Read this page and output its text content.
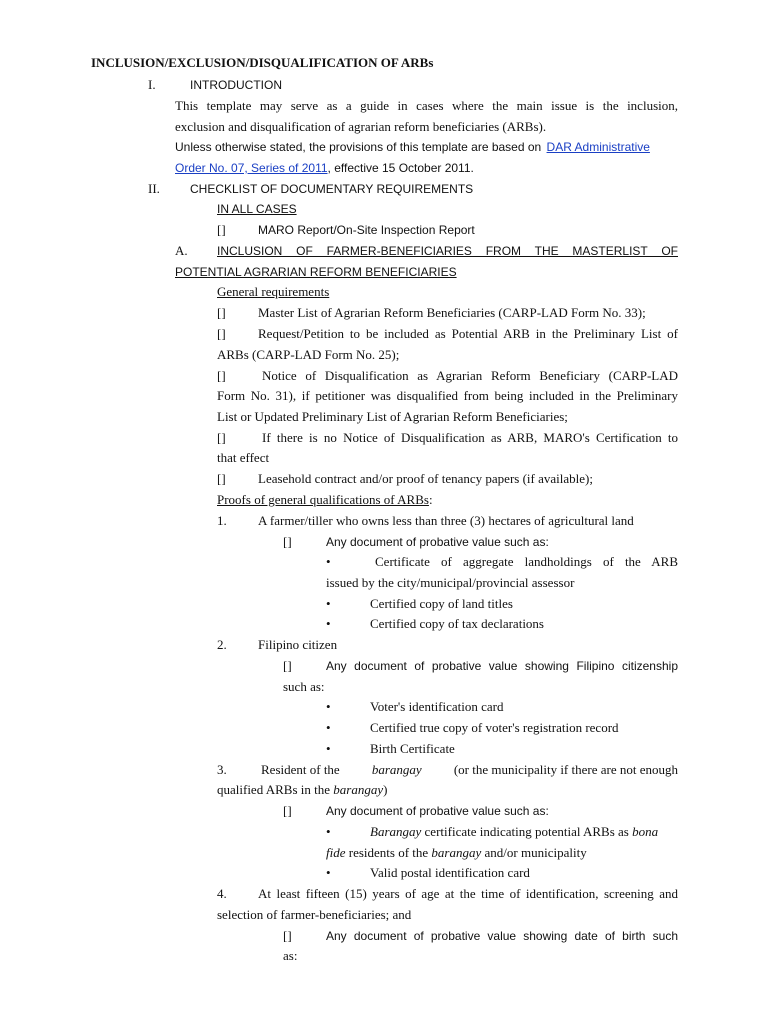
INCLUSION/EXCLUSION/DISQUALIFICATION OF ARBs
I.	INTRODUCTION
This template may serve as a guide in cases where the main issue is the inclusion,
exclusion and disqualification of agrarian reform beneficiaries (ARBs).
Unless otherwise stated, the provisions of this template are based on DAR Administrative
Order No. 07, Series of 2011, effective 15 October 2011.
II.	CHECKLIST OF DOCUMENTARY REQUIREMENTS
IN ALL CASES
[]	MARO Report/On-Site Inspection Report
A. INCLUSION OF FARMER-BENEFICIARIES FROM THE MASTERLIST OF
POTENTIAL AGRARIAN REFORM BENEFICIARIES
General requirements
[] Master List of Agrarian Reform Beneficiaries (CARP-LAD Form No. 33);
[] Request/Petition to be included as Potential ARB in the Preliminary List of
ARBs (CARP-LAD Form No. 25);
[]	Notice of Disqualification as Agrarian Reform Beneficiary (CARP-LAD
Form No. 31), if petitioner was disqualified from being included in the Preliminary
List or Updated Preliminary List of Agrarian Reform Beneficiaries;
[]	If there is no Notice of Disqualification as ARB, MARO's Certification to
that effect
[] Leasehold contract and/or proof of tenancy papers (if available);
Proofs of general qualifications of ARBs:
1. A farmer/tiller who owns less than three (3) hectares of agricultural land
[]	Any document of probative value such as:
•	Certificate of aggregate landholdings of the ARB
issued by the city/municipal/provincial assessor
•	Certified copy of land titles
•	Certified copy of tax declarations
2. Filipino citizen
[]	Any document of probative value showing Filipino citizenship
such as:
•	Voter's identification card
•	Certified true copy of voter's registration record
•	Birth Certificate
3.	Resident of the barangay (or the municipality if there are not enough
qualified ARBs in the barangay)
[]	Any document of probative value such as:
•	Barangay certificate indicating potential ARBs as bona
fide residents of the barangay and/or municipality
•	Valid postal identification card
4. At least fifteen (15) years of age at the time of identification, screening and
selection of farmer-beneficiaries; and
[]	Any document of probative value showing date of birth such
as:
